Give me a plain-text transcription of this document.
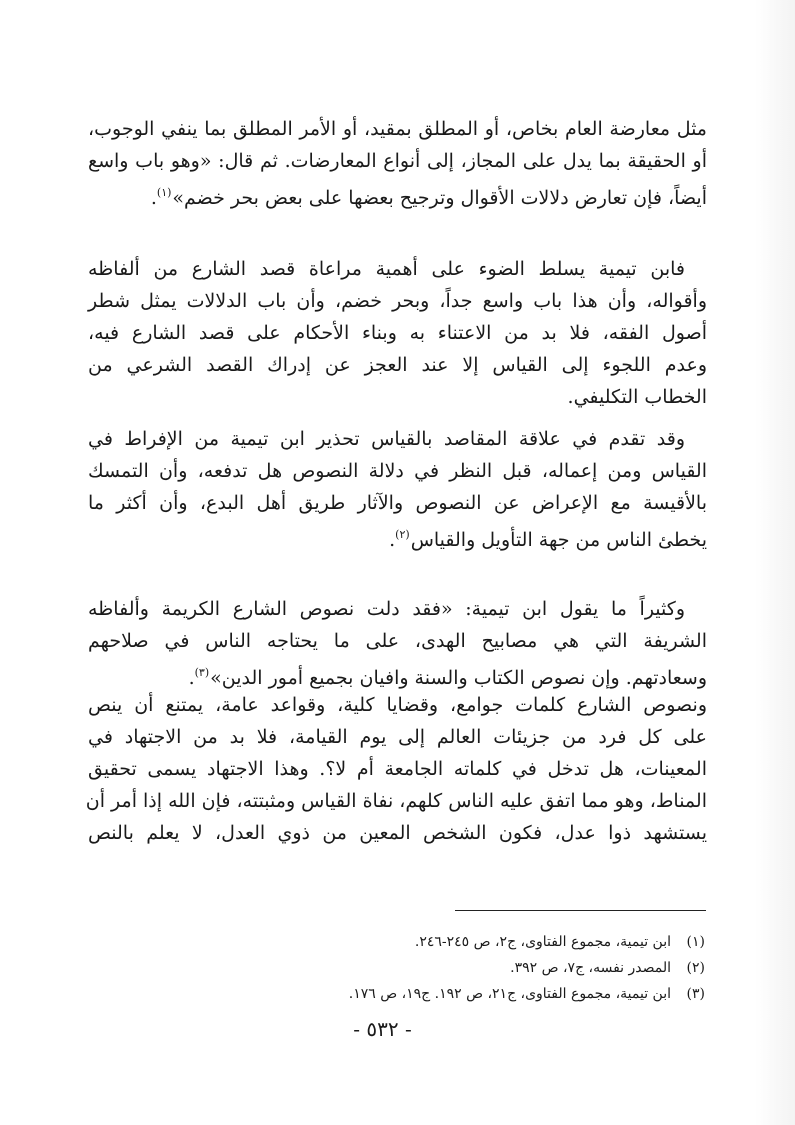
مثل معارضة العام بخاص، أو المطلق بمقيد، أو الأمر المطلق بما ينفي الوجوب،
أو الحقيقة بما يدل على المجاز، إلى أنواع المعارضات. ثم قال: «وهو باب واسع
أيضاً، فإن تعارض دلالات الأقوال وترجيح بعضها على بعض بحر خضم»$^{(١)}$.
فابن تيمية يسلط الضوء على أهمية مراعاة قصد الشارع من ألفاظه
وأقواله، وأن هذا باب واسع جداً، وبحر خضم، وأن باب الدلالات يمثل شطر
أصول الفقه، فلا بد من الاعتناء به وبناء الأحكام على قصد الشارع فيه،
وعدم اللجوء إلى القياس إلا عند العجز عن إدراك القصد الشرعي من
الخطاب التكليفي.
وقد تقدم في علاقة المقاصد بالقياس تحذير ابن تيمية من الإفراط في
القياس ومن إعماله، قبل النظر في دلالة النصوص هل تدفعه، وأن التمسك
بالأقيسة مع الإعراض عن النصوص والآثار طريق أهل البدع، وأن أكثر ما
يخطئ الناس من جهة التأويل والقياس$^{(٢)}$.
وكثيراً ما يقول ابن تيمية: «فقد دلت نصوص الشارع الكريمة وألفاظه
الشريفة التي هي مصابيح الهدى، على ما يحتاجه الناس في صلاحهم
وسعادتهم. وإن نصوص الكتاب والسنة وافيان بجميع أمور الدين»$^{(٣)}$.
ونصوص الشارع كلمات جوامع، وقضايا كلية، وقواعد عامة، يمتنع أن ينص
على كل فرد من جزيئات العالم إلى يوم القيامة، فلا بد من الاجتهاد في
المعينات، هل تدخل في كلماته الجامعة أم لا؟. وهذا الاجتهاد يسمى تحقيق
المناط، وهو مما اتفق عليه الناس كلهم، نفاة القياس ومثبتته، فإن الله إذا أمر أن
يستشهد ذوا عدل، فكون الشخص المعين من ذوي العدل، لا يعلم بالنص
(١)ابن تيمية، مجموع الفتاوى، ج٢، ص ٢٤٥-٢٤٦.
(٢)المصدر نفسه، ج٧، ص ٣٩٢.
(٣)ابن تيمية، مجموع الفتاوى، ج٢١، ص ١٩٢. ج١٩، ص ١٧٦.
- ٥٣٢ -
